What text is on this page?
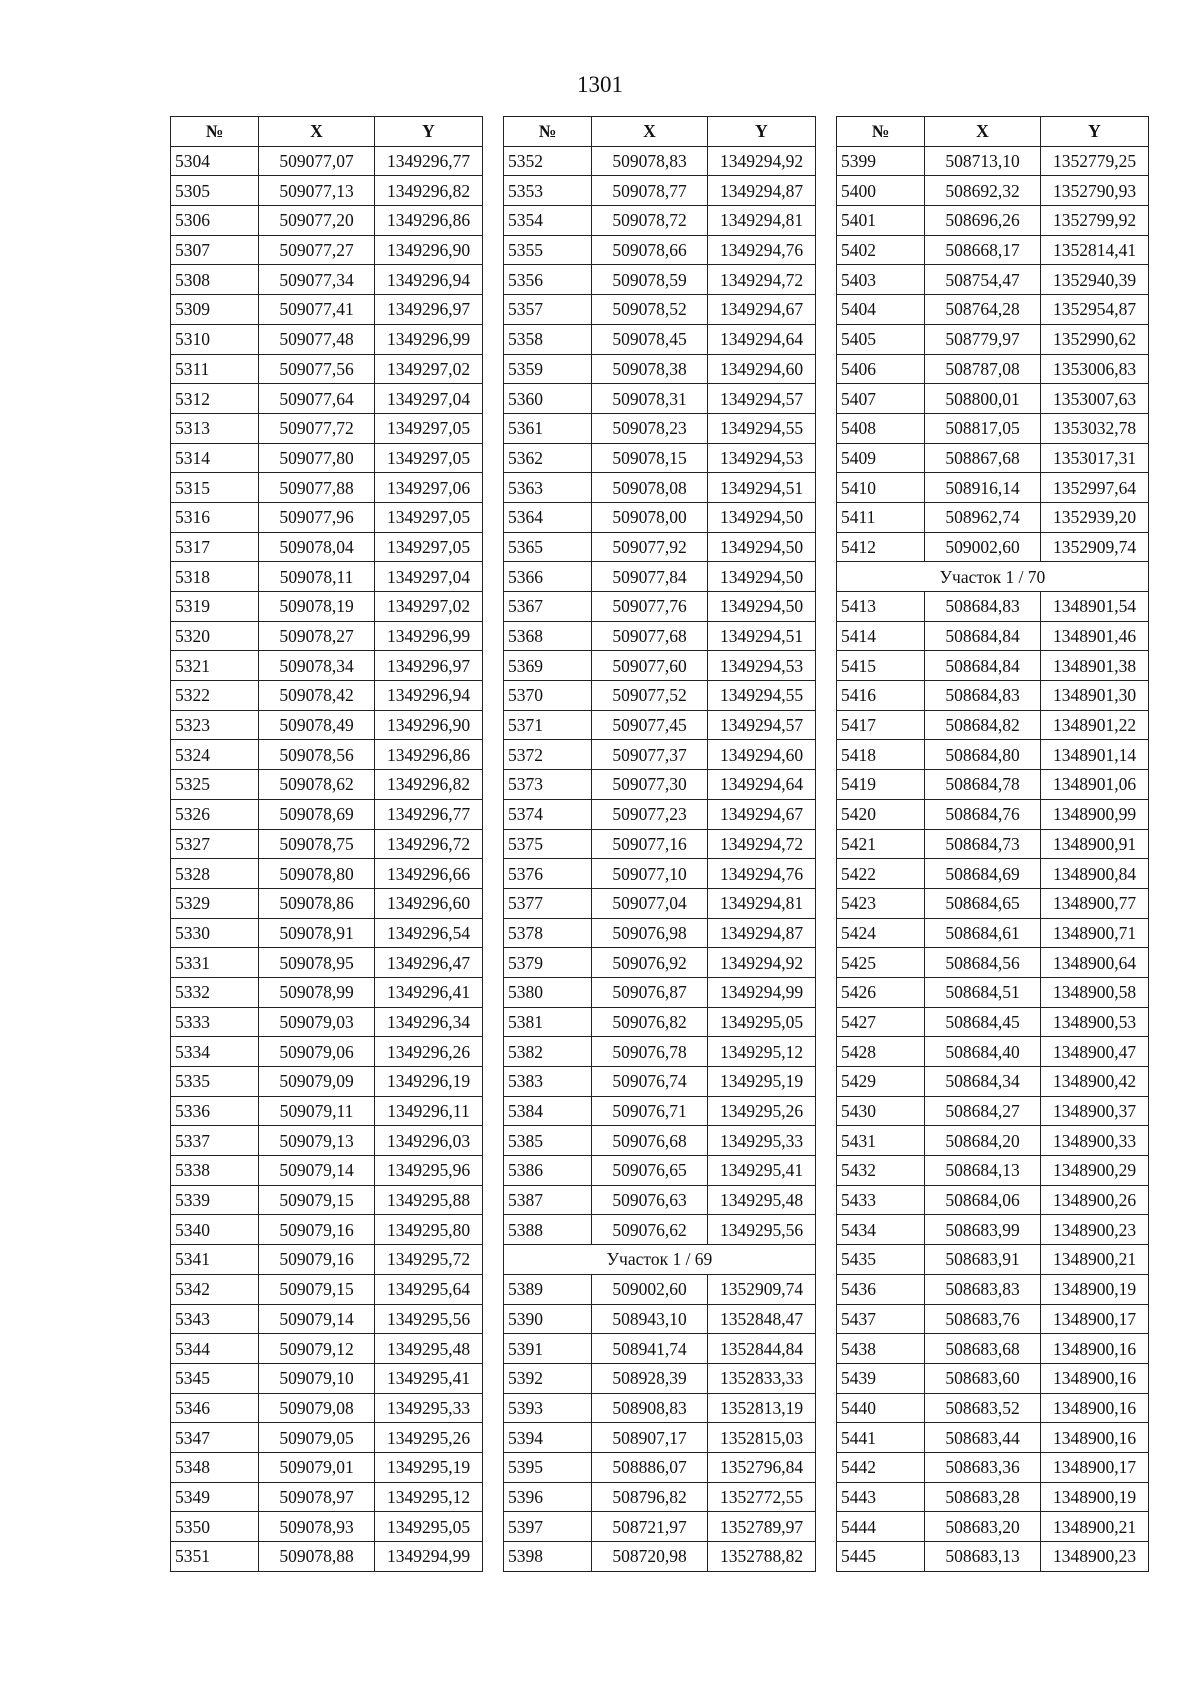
1301
№	X	Y
5304	509077,07	1349296,77
5305	509077,13	1349296,82
5306	509077,20	1349296,86
5307	509077,27	1349296,90
5308	509077,34	1349296,94
5309	509077,41	1349296,97
5310	509077,48	1349296,99
5311	509077,56	1349297,02
5312	509077,64	1349297,04
5313	509077,72	1349297,05
5314	509077,80	1349297,05
5315	509077,88	1349297,06
5316	509077,96	1349297,05
5317	509078,04	1349297,05
5318	509078,11	1349297,04
5319	509078,19	1349297,02
5320	509078,27	1349296,99
5321	509078,34	1349296,97
5322	509078,42	1349296,94
5323	509078,49	1349296,90
5324	509078,56	1349296,86
5325	509078,62	1349296,82
5326	509078,69	1349296,77
5327	509078,75	1349296,72
5328	509078,80	1349296,66
5329	509078,86	1349296,60
5330	509078,91	1349296,54
5331	509078,95	1349296,47
5332	509078,99	1349296,41
5333	509079,03	1349296,34
5334	509079,06	1349296,26
5335	509079,09	1349296,19
5336	509079,11	1349296,11
5337	509079,13	1349296,03
5338	509079,14	1349295,96
5339	509079,15	1349295,88
5340	509079,16	1349295,80
5341	509079,16	1349295,72
5342	509079,15	1349295,64
5343	509079,14	1349295,56
5344	509079,12	1349295,48
5345	509079,10	1349295,41
5346	509079,08	1349295,33
5347	509079,05	1349295,26
5348	509079,01	1349295,19
5349	509078,97	1349295,12
5350	509078,93	1349295,05
5351	509078,88	1349294,99
№	X	Y
5352	509078,83	1349294,92
5353	509078,77	1349294,87
5354	509078,72	1349294,81
5355	509078,66	1349294,76
5356	509078,59	1349294,72
5357	509078,52	1349294,67
5358	509078,45	1349294,64
5359	509078,38	1349294,60
5360	509078,31	1349294,57
5361	509078,23	1349294,55
5362	509078,15	1349294,53
5363	509078,08	1349294,51
5364	509078,00	1349294,50
5365	509077,92	1349294,50
5366	509077,84	1349294,50
5367	509077,76	1349294,50
5368	509077,68	1349294,51
5369	509077,60	1349294,53
5370	509077,52	1349294,55
5371	509077,45	1349294,57
5372	509077,37	1349294,60
5373	509077,30	1349294,64
5374	509077,23	1349294,67
5375	509077,16	1349294,72
5376	509077,10	1349294,76
5377	509077,04	1349294,81
5378	509076,98	1349294,87
5379	509076,92	1349294,92
5380	509076,87	1349294,99
5381	509076,82	1349295,05
5382	509076,78	1349295,12
5383	509076,74	1349295,19
5384	509076,71	1349295,26
5385	509076,68	1349295,33
5386	509076,65	1349295,41
5387	509076,63	1349295,48
5388	509076,62	1349295,56
Участок 1 / 69		
5389	509002,60	1352909,74
5390	508943,10	1352848,47
5391	508941,74	1352844,84
5392	508928,39	1352833,33
5393	508908,83	1352813,19
5394	508907,17	1352815,03
5395	508886,07	1352796,84
5396	508796,82	1352772,55
5397	508721,97	1352789,97
5398	508720,98	1352788,82
№	X	Y
5399	508713,10	1352779,25
5400	508692,32	1352790,93
5401	508696,26	1352799,92
5402	508668,17	1352814,41
5403	508754,47	1352940,39
5404	508764,28	1352954,87
5405	508779,97	1352990,62
5406	508787,08	1353006,83
5407	508800,01	1353007,63
5408	508817,05	1353032,78
5409	508867,68	1353017,31
5410	508916,14	1352997,64
5411	508962,74	1352939,20
5412	509002,60	1352909,74
Участок 1 / 70		
5413	508684,83	1348901,54
5414	508684,84	1348901,46
5415	508684,84	1348901,38
5416	508684,83	1348901,30
5417	508684,82	1348901,22
5418	508684,80	1348901,14
5419	508684,78	1348901,06
5420	508684,76	1348900,99
5421	508684,73	1348900,91
5422	508684,69	1348900,84
5423	508684,65	1348900,77
5424	508684,61	1348900,71
5425	508684,56	1348900,64
5426	508684,51	1348900,58
5427	508684,45	1348900,53
5428	508684,40	1348900,47
5429	508684,34	1348900,42
5430	508684,27	1348900,37
5431	508684,20	1348900,33
5432	508684,13	1348900,29
5433	508684,06	1348900,26
5434	508683,99	1348900,23
5435	508683,91	1348900,21
5436	508683,83	1348900,19
5437	508683,76	1348900,17
5438	508683,68	1348900,16
5439	508683,60	1348900,16
5440	508683,52	1348900,16
5441	508683,44	1348900,16
5442	508683,36	1348900,17
5443	508683,28	1348900,19
5444	508683,20	1348900,21
5445	508683,13	1348900,23
